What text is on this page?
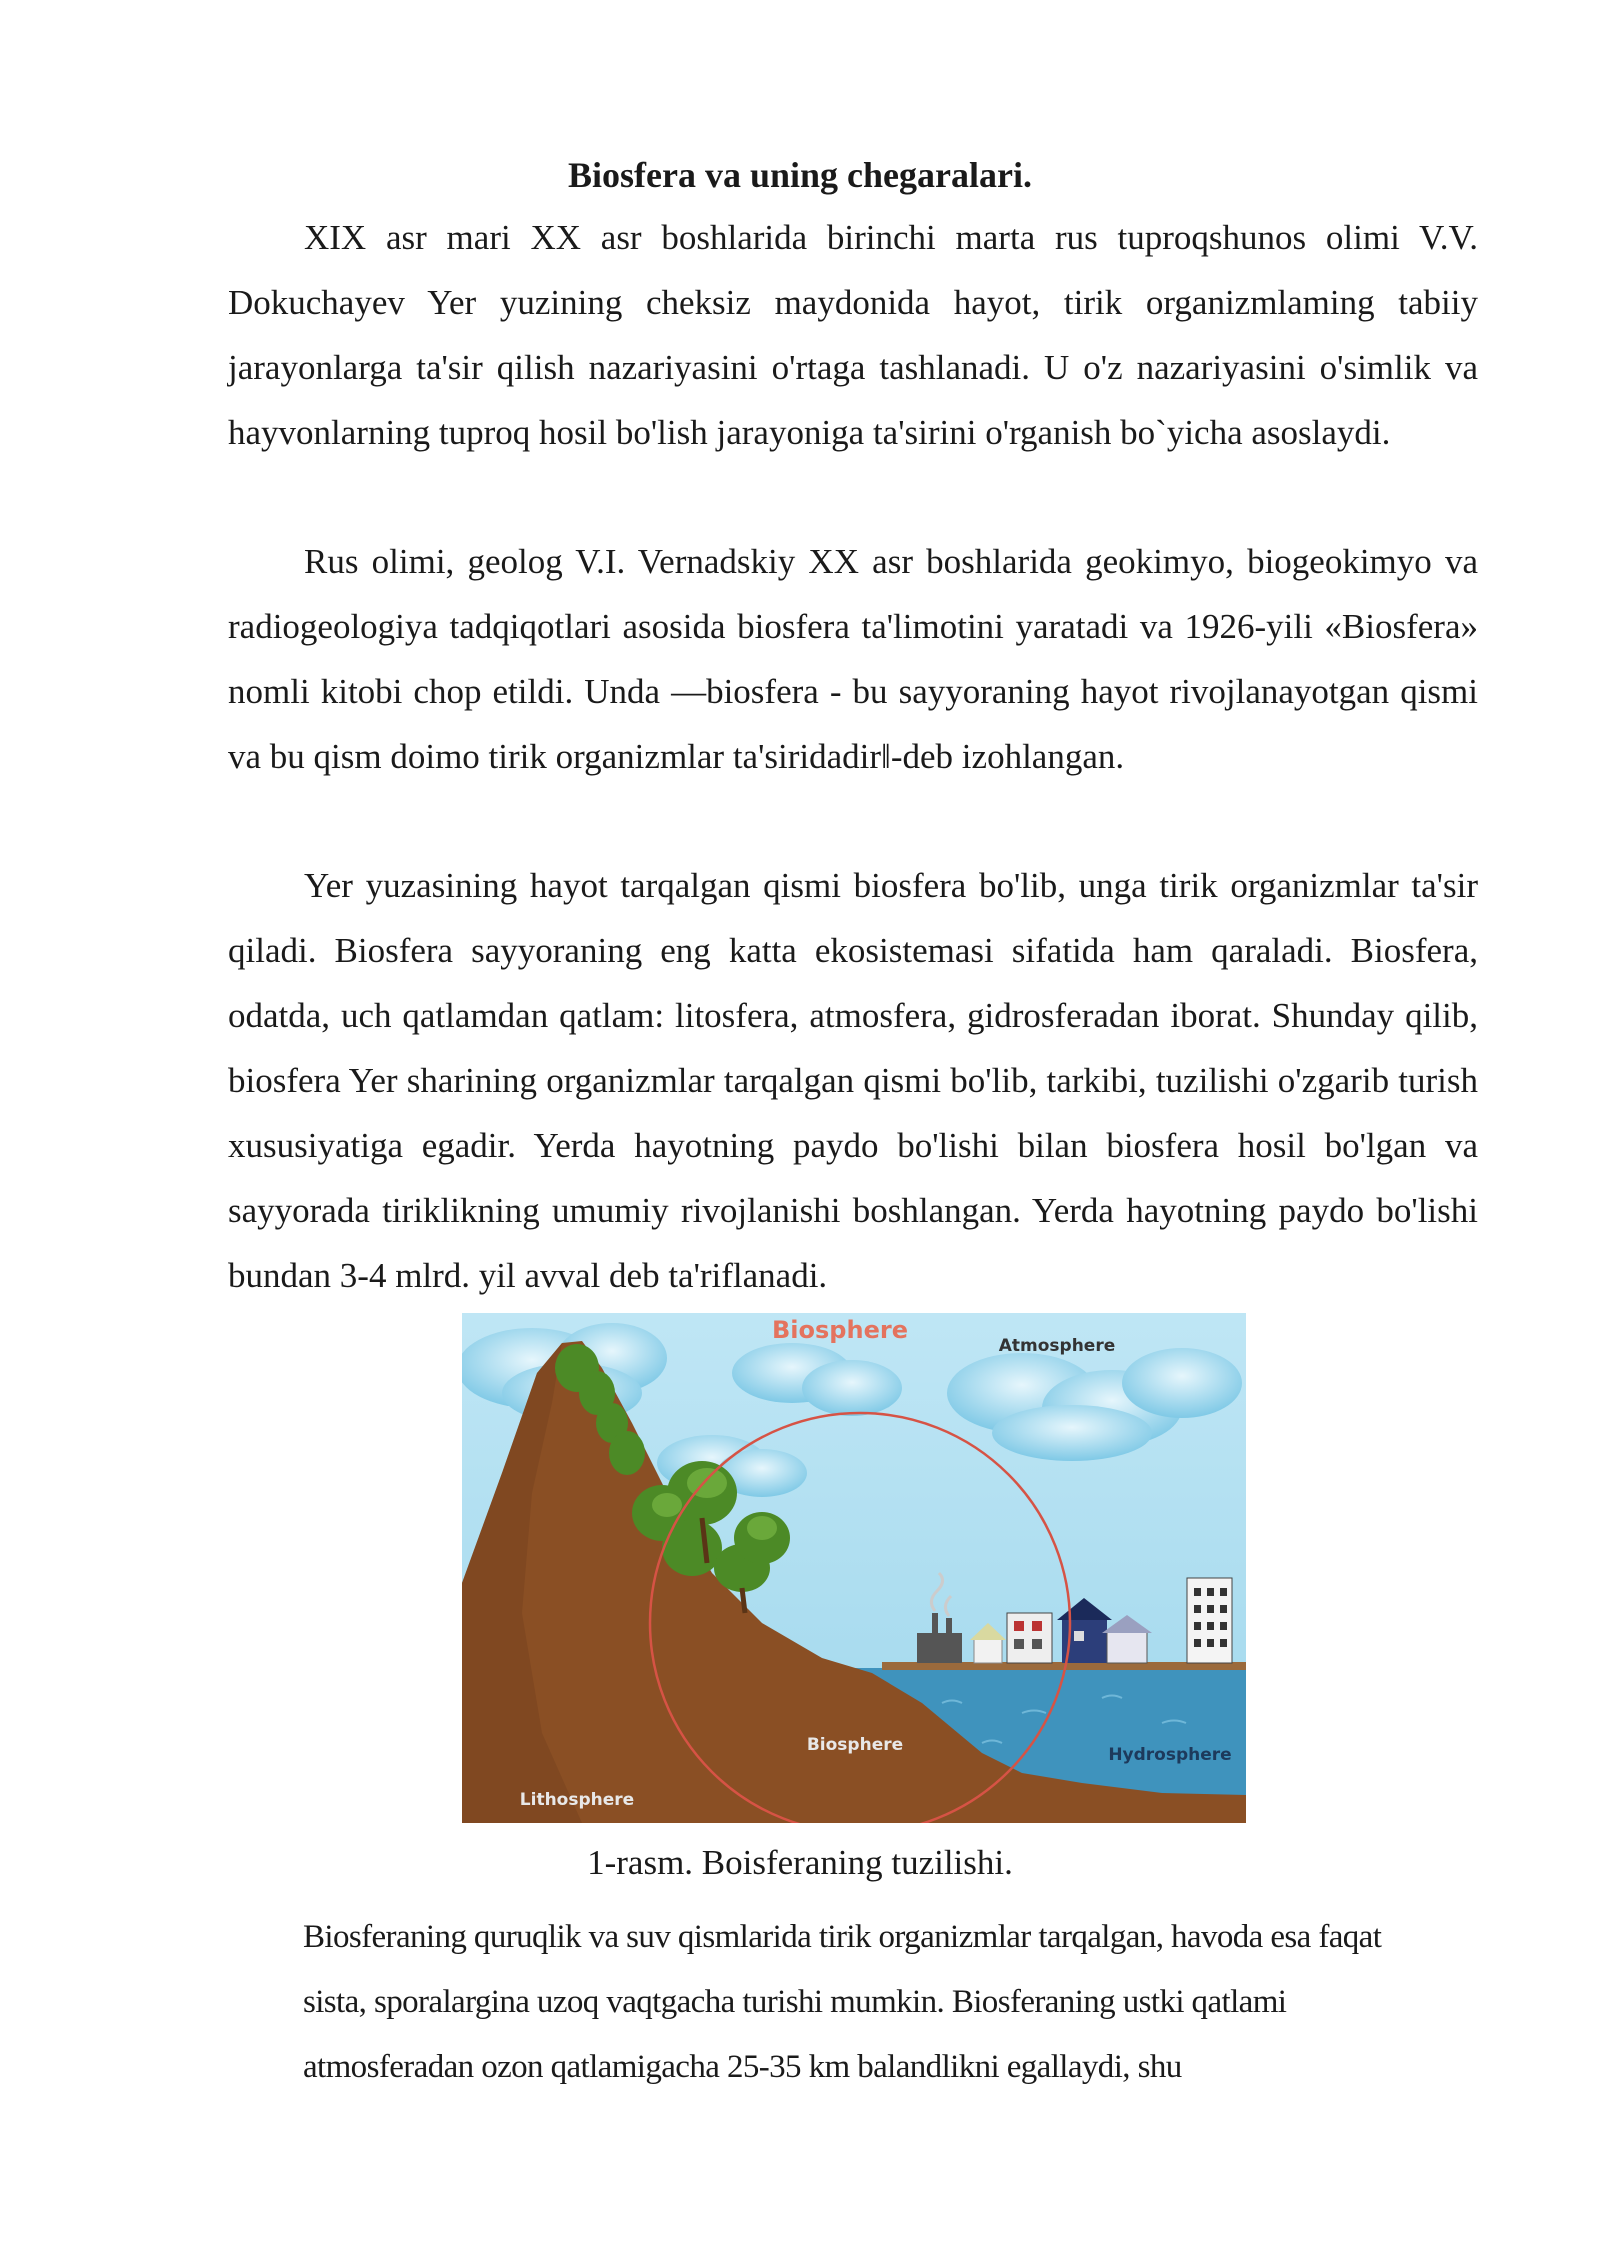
Biosfera va uning chegaralari.

XIX asr mari XX asr boshlarida birinchi marta rus tuproqshunos olimi V.V. Dokuchayev Yer yuzining cheksiz maydonida hayot, tirik organizmlaming tabiiy jarayonlarga ta'sir qilish nazariyasini o'rtaga tashlanadi. U o'z nazariyasini o'simlik va hayvonlarning tuproq hosil bo'lish jarayoniga ta'sirini o'rganish bo`yicha asoslaydi.

Rus olimi, geolog V.I. Vernadskiy XX asr boshlarida geokimyo, biogeokimyo va radiogeologiya tadqiqotlari asosida biosfera ta'limotini yaratadi va 1926-yili «Biosfera» nomli kitobi chop etildi. Unda —biosfera - bu sayyoraning hayot rivojlanayotgan qismi va bu qism doimo tirik organizmlar ta'siridadir‖-deb izohlangan.

Yer yuzasining hayot tarqalgan qismi biosfera bo'lib, unga tirik organizmlar ta'sir qiladi. Biosfera sayyoraning eng katta ekosistemasi sifatida ham qaraladi. Biosfera, odatda, uch qatlamdan qatlam: litosfera, atmosfera, gidrosferadan iborat. Shunday qilib, biosfera Yer sharining organizmlar tarqalgan qismi bo'lib, tarkibi, tuzilishi o'zgarib turish xususiyatiga egadir. Yerda hayotning paydo bo'lishi bilan biosfera hosil bo'lgan va sayyorada tiriklikning umumiy rivojlanishi boshlangan. Yerda hayotning paydo bo'lishi bundan 3-4 mlrd. yil avval deb ta'riflanadi.

Biosphere
Atmosphere
Biosphere	Hydrosphere
Lithosphere
1-rasm. Boisferaning tuzilishi.

Biosferaning quruqlik va suv qismlarida tirik organizmlar tarqalgan, havoda esa faqat sista, sporalargina uzoq vaqtgacha turishi mumkin. Biosferaning ustki qatlami atmosferadan ozon qatlamigacha 25-35 km balandlikni egallaydi, shu
